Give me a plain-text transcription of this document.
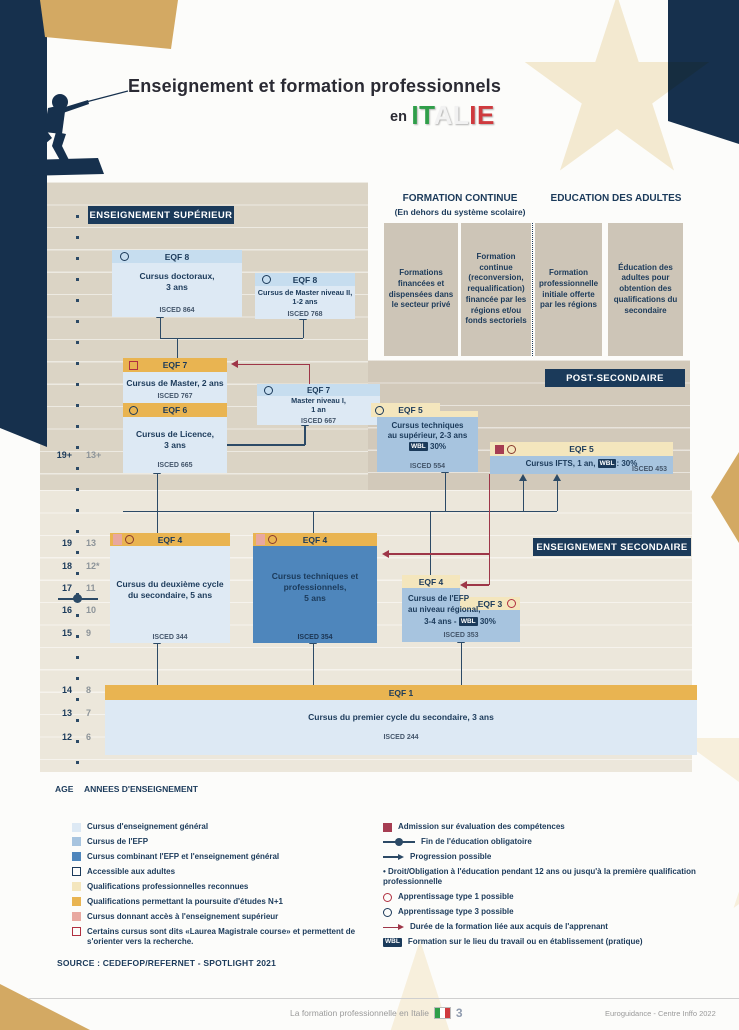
Formations financées et dispensées dans le secteur privé
Formation continue (reconversion, requalification) financée par les régions et/ou fonds sectoriels
Formation professionnelle initiale offerte par les régions
Éducation des adultes pour obtention des qualifications du secondaire
Enseignement et formation professionnels
en ITALIE
ENSEIGNEMENT SUPÉRIEUR
FORMATION CONTINUE
(En dehors du système scolaire)
EDUCATION DES ADULTES
POST-SECONDAIRE
ENSEIGNEMENT SECONDAIRE
19+ 13+
19 13
18 12*
17 11
16 10
15 9
14 8
13 7
12 6
AGE ANNEES D'ENSEIGNEMENT
EQF 8
Cursus doctoraux,
3 ans
ISCED 864
EQF 8
Cursus de Master niveau II,
1-2 ans
ISCED 768
EQF 7
Cursus de Master, 2 ans
ISCED 767
EQF 6
Cursus de Licence,
3 ans
ISCED 665
EQF 7
Master niveau I,
1 an
ISCED 667
EQF 5
Cursus techniques
au supérieur, 2-3 ans
WBL 30%
ISCED 554
EQF 5
Cursus IFTS, 1 an, WBL : 30%
ISCED 453
EQF 4
Cursus du deuxième cycle
du secondaire, 5 ans
ISCED 344
EQF 4
Cursus techniques et
professionnels,
5 ans
ISCED 354
EQF 4
EQF 3
Cursus de l'EFP
au niveau régional,
3-4 ans - WBL 30%
ISCED 353
EQF 1
Cursus du premier cycle du secondaire, 3 ans
ISCED 244
Cursus d'enseignement général
Cursus de l'EFP
Cursus combinant l'EFP et l'enseignement général
Accessible aux adultes
Qualifications professionnelles reconnues
Qualifications permettant la poursuite d'études N+1
Cursus donnant accès à l'enseignement supérieur
Certains cursus sont dits «Laurea Magistrale course» et permettent de s'orienter vers la recherche.
Admission sur évaluation des compétences
Fin de l'éducation obligatoire
Progression possible
• Droit/Obligation à l'éducation pendant 12 ans ou jusqu'à la première qualification professionnelle
Apprentissage type 1 possible
Apprentissage type 3 possible
Durée de la formation liée aux acquis de l'apprenant
WBL Formation sur le lieu du travail ou en établissement (pratique)
SOURCE : CEDEFOP/REFERNET - SPOTLIGHT 2021
La formation professionnelle en Italie 3	Euroguidance - Centre Inffo 2022
